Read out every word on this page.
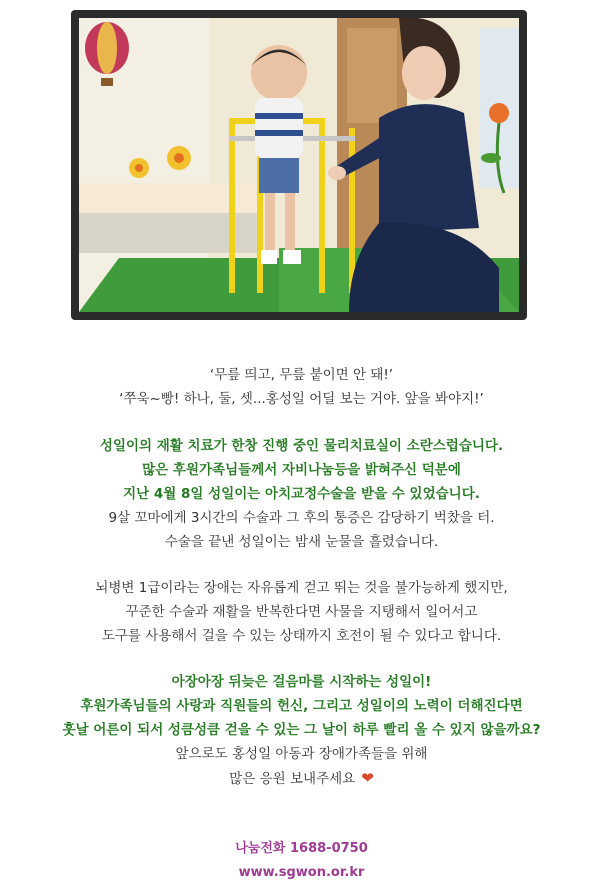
‘무릎 띄고, 무릎 붙이면 안 돼!’
‘쭈욱~빵! 하나, 둘, 셋...홍성일 어딜 보는 거야. 앞을 봐야지!’
성일이의 재활 치료가 한창 진행 중인 물리치료실이 소란스럽습니다.
많은 후원가족님들께서 자비나눔등을 밝혀주신 덕분에
지난 4월 8일 성일이는 아치교정수술을 받을 수 있었습니다.
9살 꼬마에게 3시간의 수술과 그 후의 통증은 감당하기 벅찼을 터.
수술을 끝낸 성일이는 밤새 눈물을 흘렸습니다.
뇌병변 1급이라는 장애는 자유롭게 걷고 뛰는 것을 불가능하게 했지만,
꾸준한 수술과 재활을 반복한다면 사물을 지탱해서 일어서고
도구를 사용해서 걸을 수 있는 상태까지 호전이 될 수 있다고 합니다.
아장아장 뒤늦은 걸음마를 시작하는 성일이!
후원가족님들의 사랑과 직원들의 헌신, 그리고 성일이의 노력이 더해진다면
훗날 어른이 되서 성큼성큼 걷을 수 있는 그 날이 하루 빨리 올 수 있지 않을까요?
앞으로도 홍성일 아동과 장애가족들을 위해
많은 응원 보내주세요 ❤
나눔전화 1688-0750
www.sgwon.or.kr
